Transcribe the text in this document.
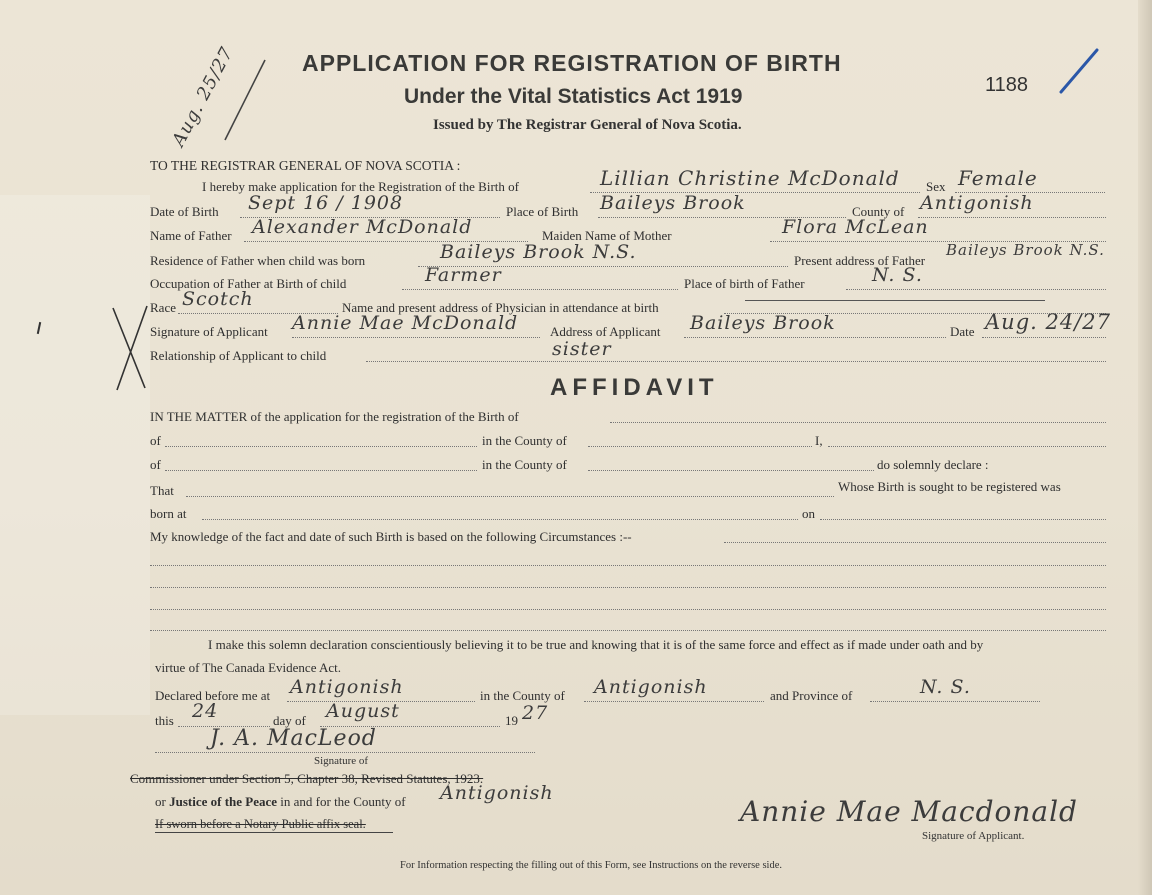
Aug. 25/27	APPLICATION FOR REGISTRATION OF BIRTH
Under the Vital Statistics Act 1919
Issued by The Registrar General of Nova Scotia.
1188
TO THE REGISTRAR GENERAL OF NOVA SCOTIA :
I hereby make application for the Registration of the Birth of	Lillian Christine McDonald Sex Female
Date of Birth Sept 16 / 1908	Place of Birth Baileys Brook	County of Antigonish
Name of Father Alexander McDonald	Maiden Name of Mother	Flora McLean
Residence of Father when child was born	Baileys Brook N.S.	Present address of Father
Baileys Brook N.S.
Occupation of Father at Birth of child	Farmer	Place of birth of Father	N. S.
Race Scotch	Name and present address of Physician in attendance at birth
Signature of Applicant Annie Mae McDonald Address of Applicant Baileys Brook	Date Aug. 24/27
Relationship of Applicant to child	sister
AFFIDAVIT
IN THE MATTER of the application for the registration of the Birth of
of	in the County of	I,
of	in the County of	do solemnly declare :
That	Whose Birth is sought to be registered was
born at	on
My knowledge of the fact and date of such Birth is based on the following Circumstances :--
I make this solemn declaration conscientiously believing it to be true and knowing that it is of the same force and effect as if made under oath and by
virtue of The Canada Evidence Act.
Declared before me at Antigonish	in the County of Antigonish	and Province of	N. S.
this 24	day of August	19 27
J. A. MacLeod
Signature of
Commissioner under Section 5, Chapter 38, Revised Statutes, 1923.
or Justice of the Peace in and for the County of Antigonish
If sworn before a Notary Public affix seal.	Annie Mae Macdonald
Signature of Applicant.
For Information respecting the filling out of this Form, see Instructions on the reverse side.
